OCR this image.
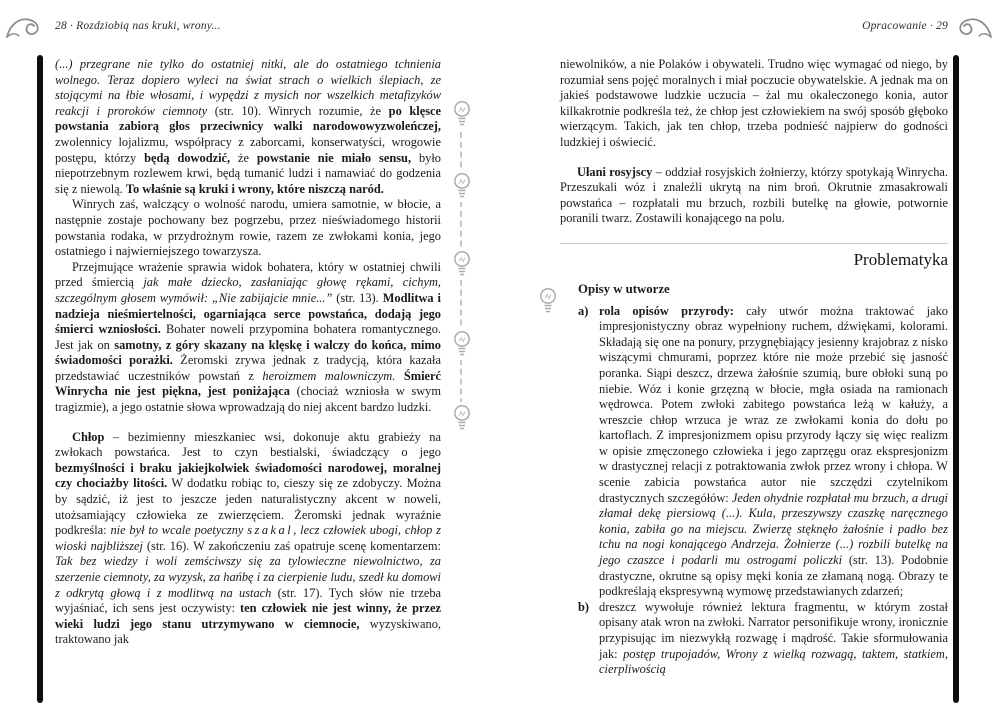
28 · Rozdziobią nas kruki, wrony...	Opracowanie · 29

(...) przegrane nie tylko do ostatniej nitki, ale do ostatniego tchnienia wolnego. Teraz dopiero wyleci na świat strach o wielkich ślepiach, ze stojącymi na łbie włosami, i wypędzi z mysich nor wszelkich metafizyków reakcji i proroków ciemnoty (str. 10). Winrych rozumie, że po klęsce powstania zabiorą głos przeciwnicy walki narodowowyzwoleńczej, zwolennicy lojalizmu, współpracy z zaborcami, konserwatyści, wrogowie postępu, którzy będą dowodzić, że powstanie nie miało sensu, było niepotrzebnym rozlewem krwi, będą tumanić ludzi i namawiać do godzenia się z niewolą. To właśnie są kruki i wrony, które niszczą naród.

Winrych zaś, walczący o wolność narodu, umiera samotnie, w błocie, a następnie zostaje pochowany bez pogrzebu, przez nieświadomego historii powstania rodaka, w przydrożnym rowie, razem ze zwłokami konia, jego ostatniego i najwierniejszego towarzysza.

Przejmujące wrażenie sprawia widok bohatera, który w ostatniej chwili przed śmiercią jak małe dziecko, zasłaniając głowę rękami, cichym, szczególnym głosem wymówił: „Nie zabijajcie mnie...” (str. 13). Modlitwa i nadzieja nieśmiertelności, ogarniająca serce powstańca, dodają jego śmierci wzniosłości. Bohater noweli przypomina bohatera romantycznego. Jest jak on samotny, z góry skazany na klęskę i walczy do końca, mimo świadomości porażki. Żeromski zrywa jednak z tradycją, która kazała przedstawiać uczestników powstań z heroizmem malowniczym. Śmierć Winrycha nie jest piękna, jest poniżająca (chociaż wzniosła w swym tragizmie), a jego ostatnie słowa wprowadzają do niej akcent bardzo ludzki.

Chłop – bezimienny mieszkaniec wsi, dokonuje aktu grabieży na zwłokach powstańca. Jest to czyn bestialski, świadczący o jego bezmyślności i braku jakiejkolwiek świadomości narodowej, moralnej czy chociażby litości. W dodatku robiąc to, cieszy się ze zdobyczy. Można by sądzić, iż jest to jeszcze jeden naturalistyczny akcent w noweli, utożsamiający człowieka ze zwierzęciem. Żeromski jednak wyraźnie podkreśla: nie był to wcale poetyczny szakal, lecz człowiek ubogi, chłop z wioski najbliższej (str. 16). W zakończeniu zaś opatruje scenę komentarzem: Tak bez wiedzy i woli zemściwszy się za tylowieczne niewolnictwo, za szerzenie ciemnoty, za wyzysk, za hańbę i za cierpienie ludu, szedł ku domowi z odkrytą głową i z modlitwą na ustach (str. 17). Tych słów nie trzeba wyjaśniać, ich sens jest oczywisty: ten człowiek nie jest winny, że przez wieki ludzi jego stanu utrzymywano w ciemnocie, wyzyskiwano, traktowano jak

niewolników, a nie Polaków i obywateli. Trudno więc wymagać od niego, by rozumiał sens pojęć moralnych i miał poczucie obywatelskie. A jednak ma on jakieś podstawowe ludzkie uczucia – żal mu okaleczonego konia, autor kilkakrotnie podkreśla też, że chłop jest człowiekiem na swój sposób głęboko wierzącym. Takich, jak ten chłop, trzeba podnieść najpierw do godności ludzkiej i oświecić.

Ułani rosyjscy – oddział rosyjskich żołnierzy, którzy spotykają Winrycha. Przeszukali wóz i znaleźli ukrytą na nim broń. Okrutnie zmasakrowali powstańca – rozpłatali mu brzuch, rozbili butelkę na głowie, potwornie poranili twarz. Zostawili konającego na polu.

Problematyka

Opisy w utworze

a) rola opisów przyrody: cały utwór można traktować jako impresjonistyczny obraz wypełniony ruchem, dźwiękami, kolorami. Składają się one na ponury, przygnębiający jesienny krajobraz z nisko wiszącymi chmurami, poprzez które nie może przebić się jasność poranka. Siąpi deszcz, drzewa żałośnie szumią, bure obłoki suną po niebie. Wóz i konie grzęzną w błocie, mgła osiada na ramionach wędrowca. Potem zwłoki zabitego powstańca leżą w kałuży, a wreszcie chłop wrzuca je wraz ze zwłokami konia do dołu po kartoflach. Z impresjonizmem opisu przyrody łączy się więc realizm w opisie zmęczonego człowieka i jego zaprzęgu oraz ekspresjonizm w drastycznej relacji z potraktowania zwłok przez wrony i chłopa. W scenie zabicia powstańca autor nie szczędzi czytelnikom drastycznych szczegółów: Jeden ohydnie rozpłatał mu brzuch, a drugi złamał dekę piersiową (...). Kula, przeszywszy czaszkę naręcznego konia, zabiła go na miejscu. Zwierzę stęknęło żałośnie i padło bez tchu na nogi konającego Andrzeja. Żołnierze (...) rozbili butelkę na jego czaszce i podarli mu ostrogami policzki (str. 13). Podobnie drastyczne, okrutne są opisy męki konia ze złamaną nogą. Obrazy te podkreślają ekspresywną wymowę przedstawianych zdarzeń;

b) dreszcz wywołuje również lektura fragmentu, w którym został opisany atak wron na zwłoki. Narrator personifikuje wrony, ironicznie przypisując im niezwykłą rozwagę i mądrość. Takie sformułowania jak: postęp trupojadów, Wrony z wielką rozwagą, taktem, statkiem, cierpliwością
